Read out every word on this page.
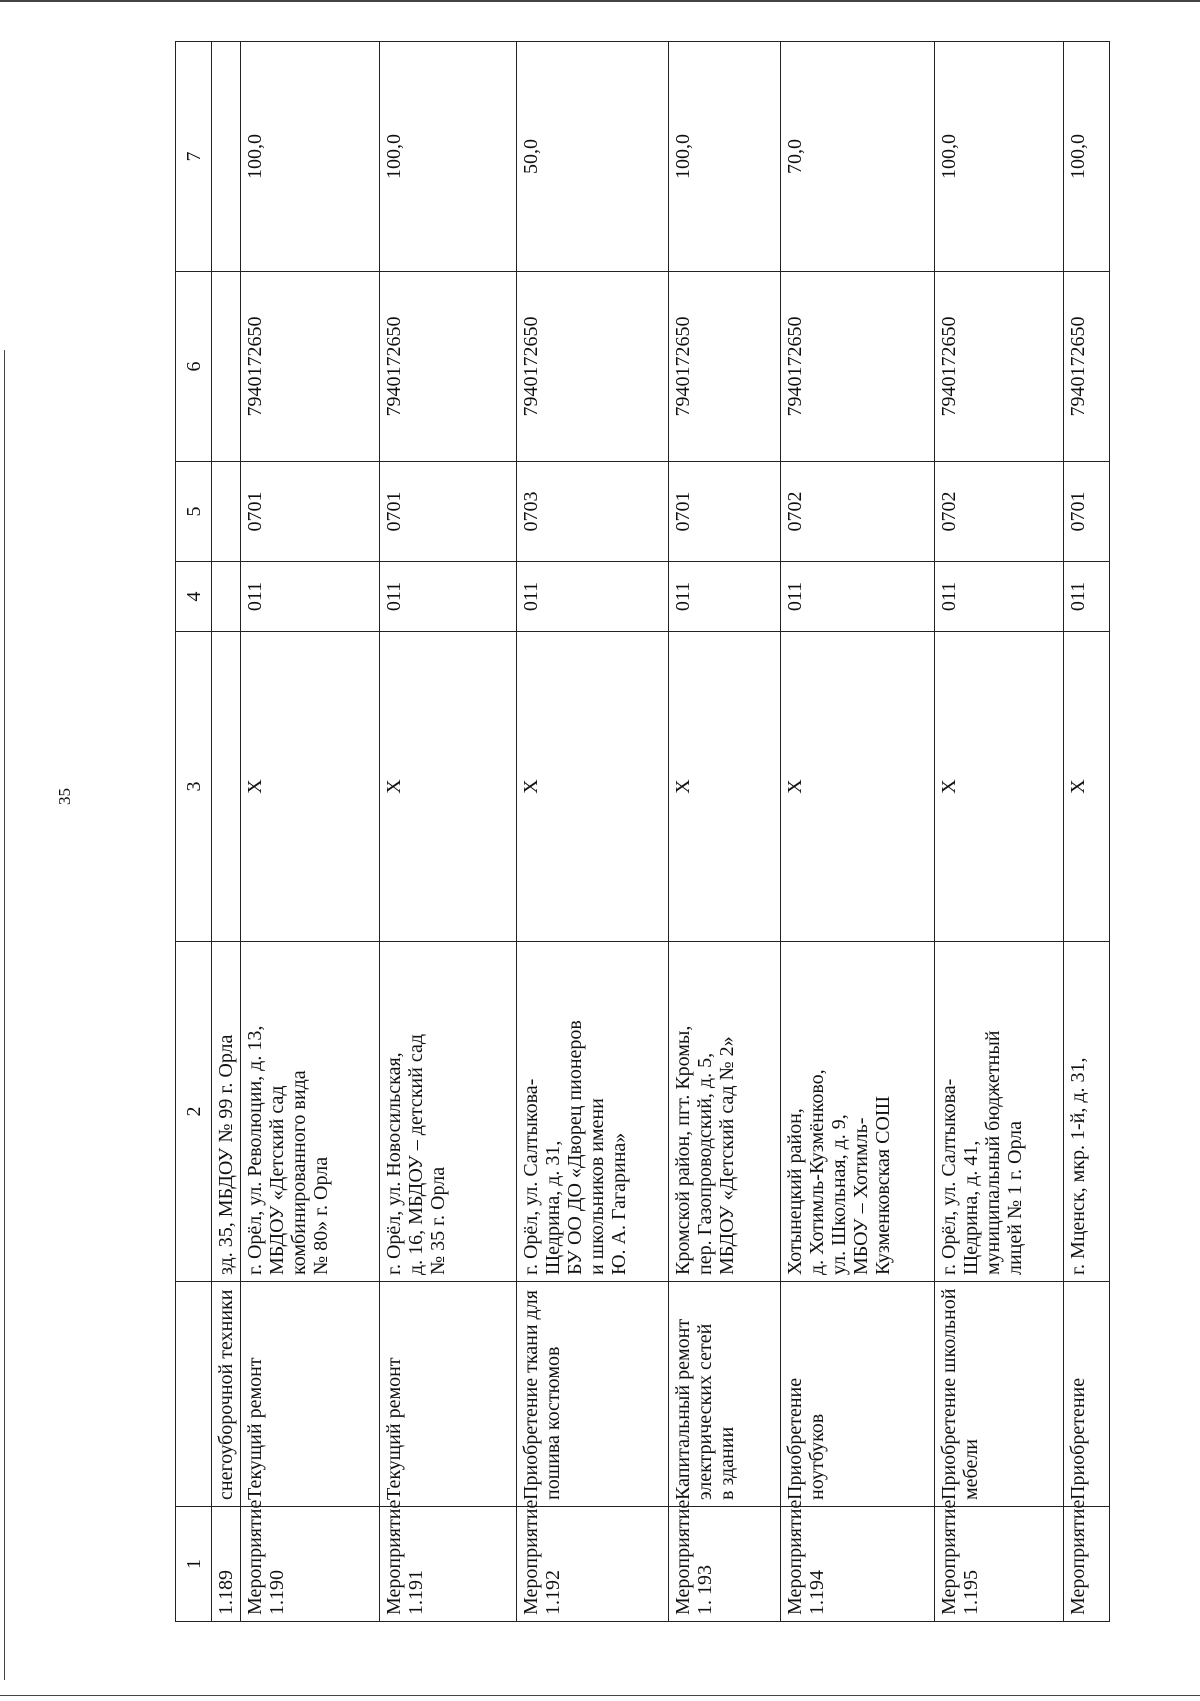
35
1		2	3	4	5	6	7
1.189	снегоуборочной техники	зд. 35, МБДОУ № 99 г. Орла					
Мероприятие
1.190	Текущий ремонт	г. Орёл, ул. Революции, д. 13,
МБДОУ «Детский сад
комбинированного вида
№ 80» г. Орла	Х	011	0701	7940172650	100,0
Мероприятие
1.191	Текущий ремонт	г. Орёл, ул. Новосильская,
д. 16, МБДОУ – детский сад
№ 35 г. Орла	Х	011	0701	7940172650	100,0
Мероприятие
1.192	Приобретение ткани для
пошива костюмов	г. Орёл, ул. Салтыкова-
Щедрина, д. 31,
БУ ОО ДО «Дворец пионеров
и школьников имени
Ю. А. Гагарина»	Х	011	0703	7940172650	50,0
Мероприятие
1. 193	Капитальный ремонт
электрических сетей
в здании	Кромской район, пгт. Кромы,
пер. Газопроводский, д. 5,
МБДОУ «Детский сад № 2»	Х	011	0701	7940172650	100,0
Мероприятие
1.194	Приобретение ноутбуков	Хотынецкий район,
д. Хотимль-Кузмёнково,
ул. Школьная, д. 9,
МБОУ – Хотимль-
Кузменковская СОШ	Х	011	0702	7940172650	70,0
Мероприятие
1.195	Приобретение школьной
мебели	г. Орёл, ул. Салтыкова-
Щедрина, д. 41,
муниципальный бюджетный
лицей № 1 г. Орла	Х	011	0702	7940172650	100,0
Мероприятие	Приобретение	г. Мценск, мкр. 1-й, д. 31,	Х	011	0701	7940172650	100,0
